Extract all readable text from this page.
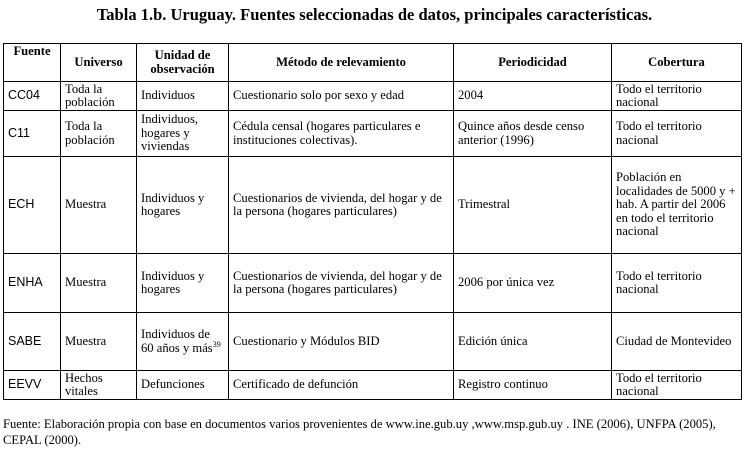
Tabla 1.b. Uruguay. Fuentes seleccionadas de datos, principales características.
Fuente	Universo	Unidad de observación	Método de relevamiento	Periodicidad	Cobertura
CC04	Toda la población	Individuos	Cuestionario solo por sexo y edad	2004	Todo el territorio nacional
C11	Toda la población	Individuos, hogares y viviendas	Cédula censal (hogares particulares e instituciones colectivas).	Quince años desde censo anterior (1996)	Todo el territorio nacional
ECH	Muestra	Individuos y hogares	Cuestionarios de vivienda, del hogar y de la persona (hogares particulares)	Trimestral	Población en localidades de 5000 y + hab. A partir del 2006 en todo el territorio nacional
ENHA	Muestra	Individuos y hogares	Cuestionarios de vivienda, del hogar y de la persona (hogares particulares)	2006 por única vez	Todo el territorio nacional
SABE	Muestra	Individuos de 60 años y más$^{39}$	Cuestionario y Módulos BID	Edición única	Ciudad de Montevideo
EEVV	Hechos vitales	Defunciones	Certificado de defunción	Registro continuo	Todo el territorio nacional
Fuente: Elaboración propia con base en documentos varios provenientes de www.ine.gub.uy ,www.msp.gub.uy . INE (2006), UNFPA (2005), CEPAL (2000).
